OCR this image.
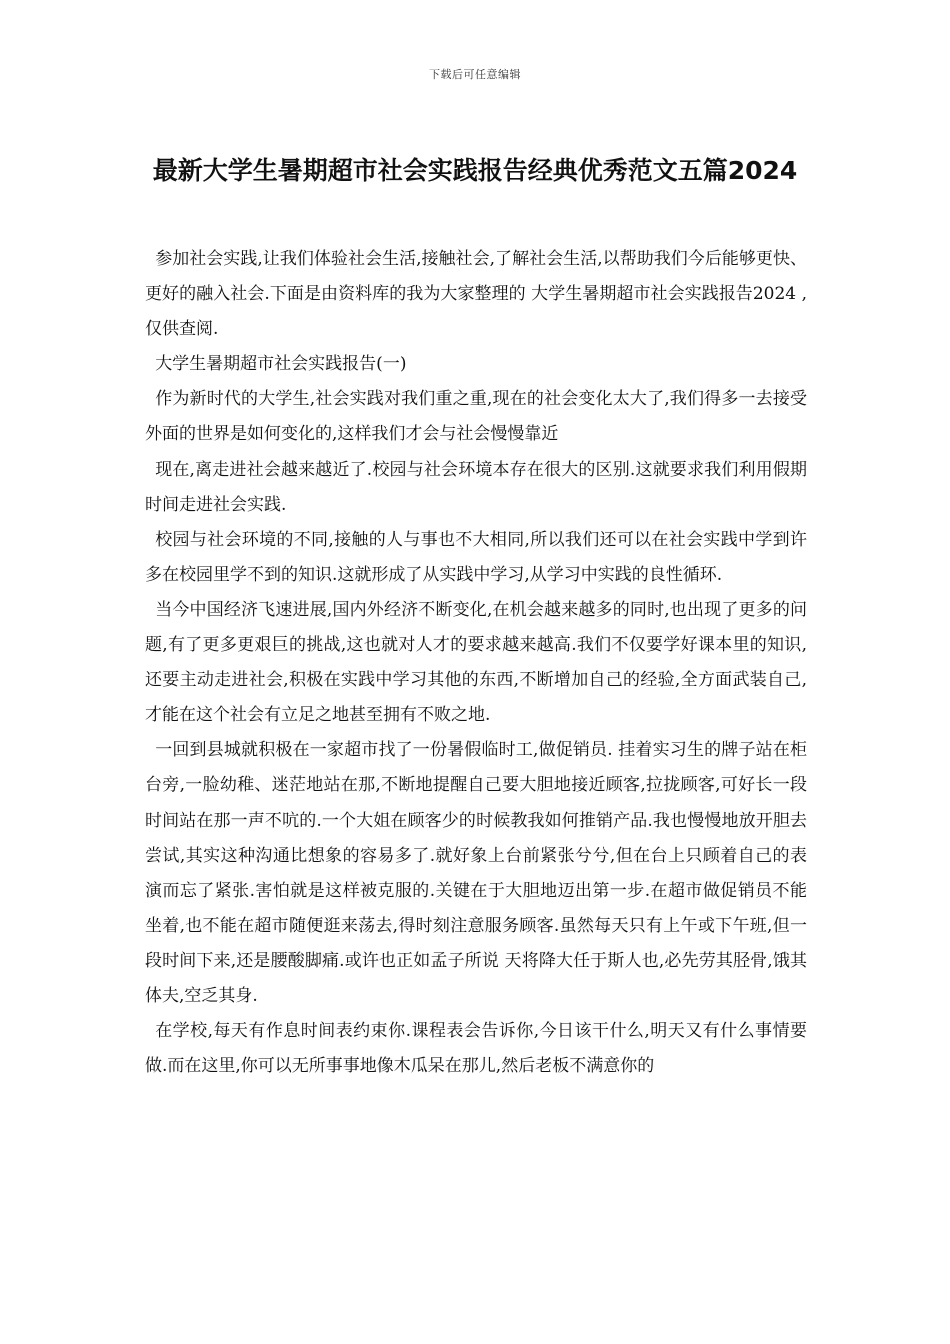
下载后可任意编辑
最新大学生暑期超市社会实践报告经典优秀范文五篇2024

参加社会实践,让我们体验社会生活,接触社会,了解社会生活,以帮助我们今后能够更快、更好的融入社会.下面是由资料库的我为大家整理的 大学生暑期超市社会实践报告2024 ,仅供查阅.

大学生暑期超市社会实践报告(一)

作为新时代的大学生,社会实践对我们重之重,现在的社会变化太大了,我们得多一去接受外面的世界是如何变化的,这样我们才会与社会慢慢靠近

现在,离走进社会越来越近了.校园与社会环境本存在很大的区别.这就要求我们利用假期时间走进社会实践.

校园与社会环境的不同,接触的人与事也不大相同,所以我们还可以在社会实践中学到许多在校园里学不到的知识.这就形成了从实践中学习,从学习中实践的良性循环.

当今中国经济飞速进展,国内外经济不断变化,在机会越来越多的同时,也出现了更多的问题,有了更多更艰巨的挑战,这也就对人才的要求越来越高.我们不仅要学好课本里的知识,还要主动走进社会,积极在实践中学习其他的东西,不断增加自己的经验,全方面武装自己,才能在这个社会有立足之地甚至拥有不败之地.

一回到县城就积极在一家超市找了一份暑假临时工,做促销员. 挂着实习生的牌子站在柜台旁,一脸幼稚、迷茫地站在那,不断地提醒自己要大胆地接近顾客,拉拢顾客,可好长一段时间站在那一声不吭的.一个大姐在顾客少的时候教我如何推销产品.我也慢慢地放开胆去尝试,其实这种沟通比想象的容易多了.就好象上台前紧张兮兮,但在台上只顾着自己的表演而忘了紧张.害怕就是这样被克服的.关键在于大胆地迈出第一步.在超市做促销员不能坐着,也不能在超市随便逛来荡去,得时刻注意服务顾客.虽然每天只有上午或下午班,但一段时间下来,还是腰酸脚痛.或许也正如孟子所说 天将降大任于斯人也,必先劳其胫骨,饿其体夫,空乏其身.

在学校,每天有作息时间表约束你.课程表会告诉你,今日该干什么,明天又有什么事情要做.而在这里,你可以无所事事地像木瓜呆在那儿,然后老板不满意你的
